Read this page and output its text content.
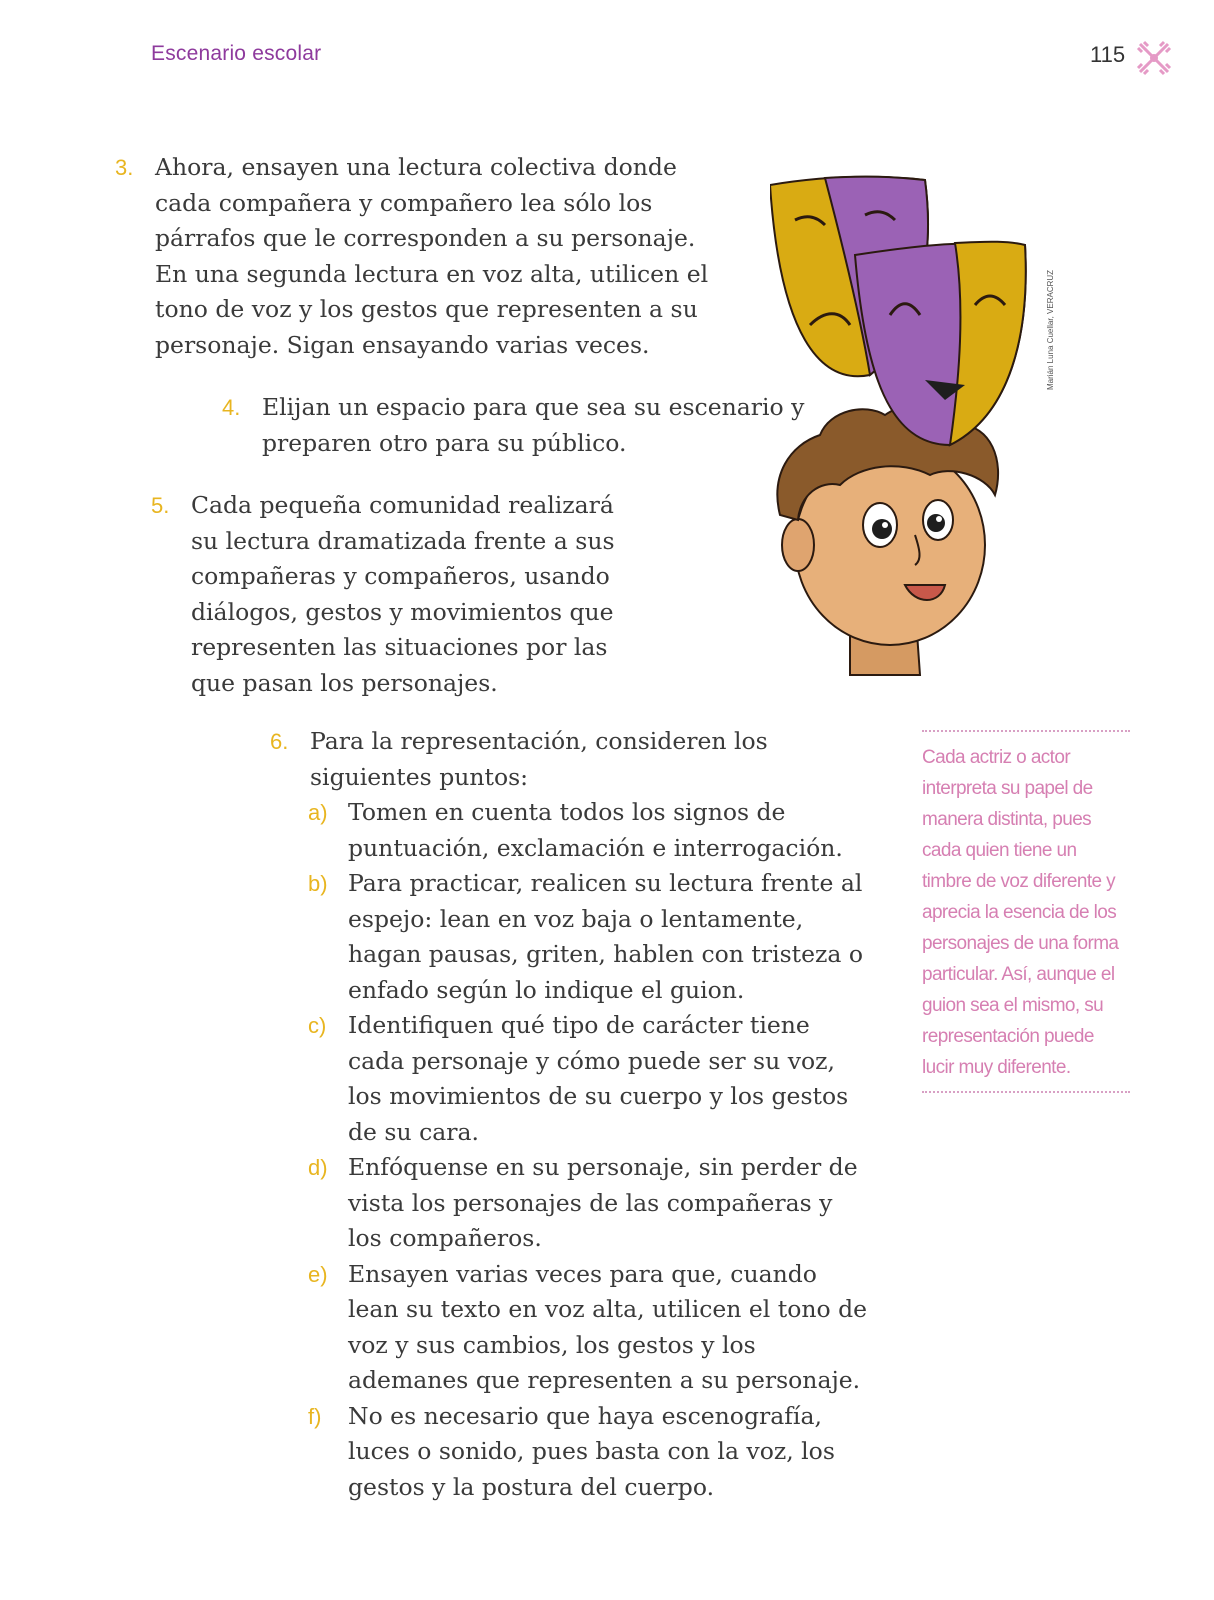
Escenario escolar	115
3. Ahora, ensayen una lectura colectiva donde cada compañera y compañero lea sólo los párrafos que le corresponden a su personaje. En una segunda lectura en voz alta, utilicen el tono de voz y los gestos que representen a su personaje. Sigan ensayando varias veces.
4. Elijan un espacio para que sea su escenario y preparen otro para su público.
5. Cada pequeña comunidad realizará su lectura dramatizada frente a sus compañeras y compañeros, usando diálogos, gestos y movimientos que representen las situaciones por las que pasan los personajes.
6. Para la representación, consideren los siguientes puntos:
a) Tomen en cuenta todos los signos de puntuación, exclamación e interrogación.
b) Para practicar, realicen su lectura frente al espejo: lean en voz baja o lentamente, hagan pausas, griten, hablen con tristeza o enfado según lo indique el guion.
c) Identifiquen qué tipo de carácter tiene cada personaje y cómo puede ser su voz, los movimientos de su cuerpo y los gestos de su cara.
d) Enfóquense en su personaje, sin perder de vista los personajes de las compañeras y los compañeros.
e) Ensayen varias veces para que, cuando lean su texto en voz alta, utilicen el tono de voz y sus cambios, los gestos y los ademanes que representen a su personaje.
f) No es necesario que haya escenografía, luces o sonido, pues basta con la voz, los gestos y la postura del cuerpo.

Cada actriz o actor interpreta su papel de manera distinta, pues cada quien tiene un timbre de voz diferente y aprecia la esencia de los personajes de una forma particular. Así, aunque el guion sea el mismo, su representación puede lucir muy diferente.

Marián Luna Cuellar, VERACRUZ
